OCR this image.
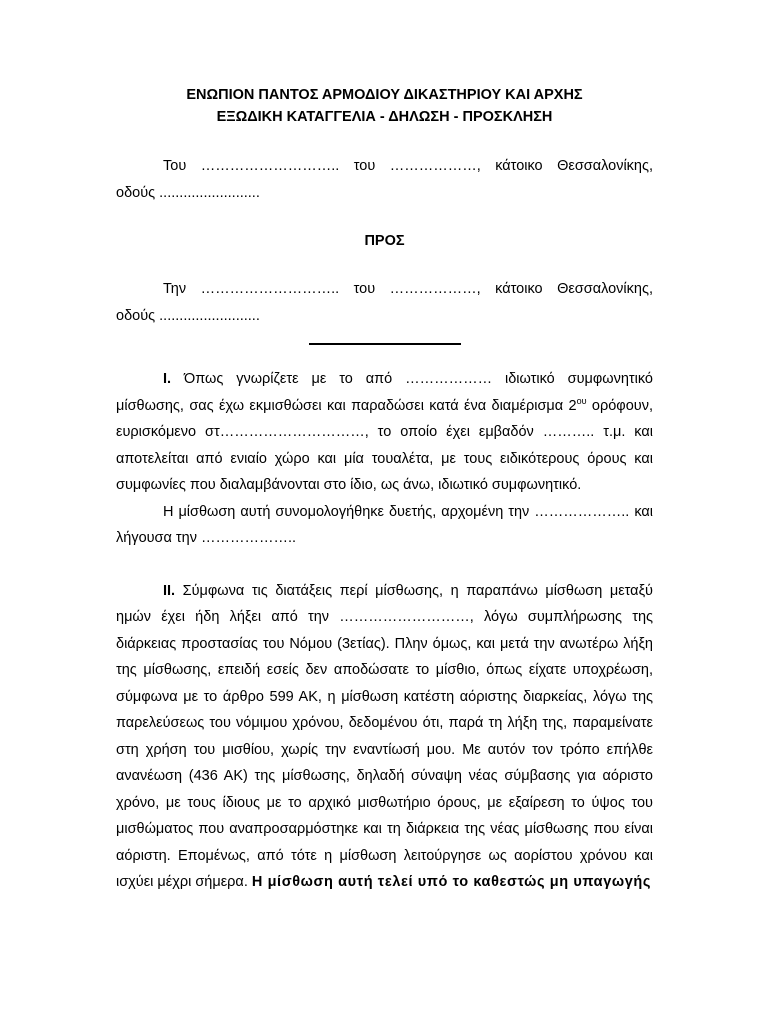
ΕΝΩΠΙΟΝ ΠΑΝΤΟΣ ΑΡΜΟΔΙΟΥ ΔΙΚΑΣΤΗΡΙΟΥ ΚΑΙ ΑΡΧΗΣ
ΕΞΩΔΙΚΗ ΚΑΤΑΓΓΕΛΙΑ - ΔΗΛΩΣΗ - ΠΡΟΣΚΛΗΣΗ

Του ……………………….. του ………………, κάτοικο Θεσσαλονίκης,

οδούς .........................

ΠΡΟΣ

Την ……………………….. του ………………, κάτοικο Θεσσαλονίκης,

οδούς .........................

Ι. Όπως γνωρίζετε με το από ……………… ιδιωτικό συμφωνητικό μίσθωσης, σας έχω εκμισθώσει και παραδώσει κατά ένα διαμέρισμα $2^{o\upsilon}$ ορόφουν, ευρισκόμενο στ…………………………, το οποίο έχει εμβαδόν ……….. τ.μ. και αποτελείται από ενιαίο χώρο και μία τουαλέτα, με τους ειδικότερους όρους και συμφωνίες που διαλαμβάνονται στο ίδιο, ως άνω, ιδιωτικό συμφωνητικό.

Η μίσθωση αυτή συνομολογήθηκε δυετής, αρχομένη την ……………….. και λήγουσα την ………………..

ΙΙ. Σύμφωνα τις διατάξεις περί μίσθωσης, η παραπάνω μίσθωση μεταξύ ημών έχει ήδη λήξει από την ………………………, λόγω συμπλήρωσης της διάρκειας προστασίας του Νόμου (3ετίας). Πλην όμως, και μετά την ανωτέρω λήξη της μίσθωσης, επειδή εσείς δεν αποδώσατε το μίσθιο, όπως είχατε υποχρέωση, σύμφωνα με το άρθρο 599 ΑΚ, η μίσθωση κατέστη αόριστης διαρκείας, λόγω της παρελεύσεως του νόμιμου χρόνου, δεδομένου ότι, παρά τη λήξη της, παραμείνατε στη χρήση του μισθίου, χωρίς την εναντίωσή μου. Με αυτόν τον τρόπο επήλθε ανανέωση (436 ΑΚ) της μίσθωσης, δηλαδή σύναψη νέας σύμβασης για αόριστο χρόνο, με τους ίδιους με το αρχικό μισθωτήριο όρους, με εξαίρεση το ύψος του μισθώματος που αναπροσαρμόστηκε και τη διάρκεια της νέας μίσθωσης που είναι αόριστη. Επομένως, από τότε η μίσθωση λειτούργησε ως αορίστου χρόνου και ισχύει μέχρι σήμερα. Η μίσθωση αυτή τελεί υπό το καθεστώς μη υπαγωγής
